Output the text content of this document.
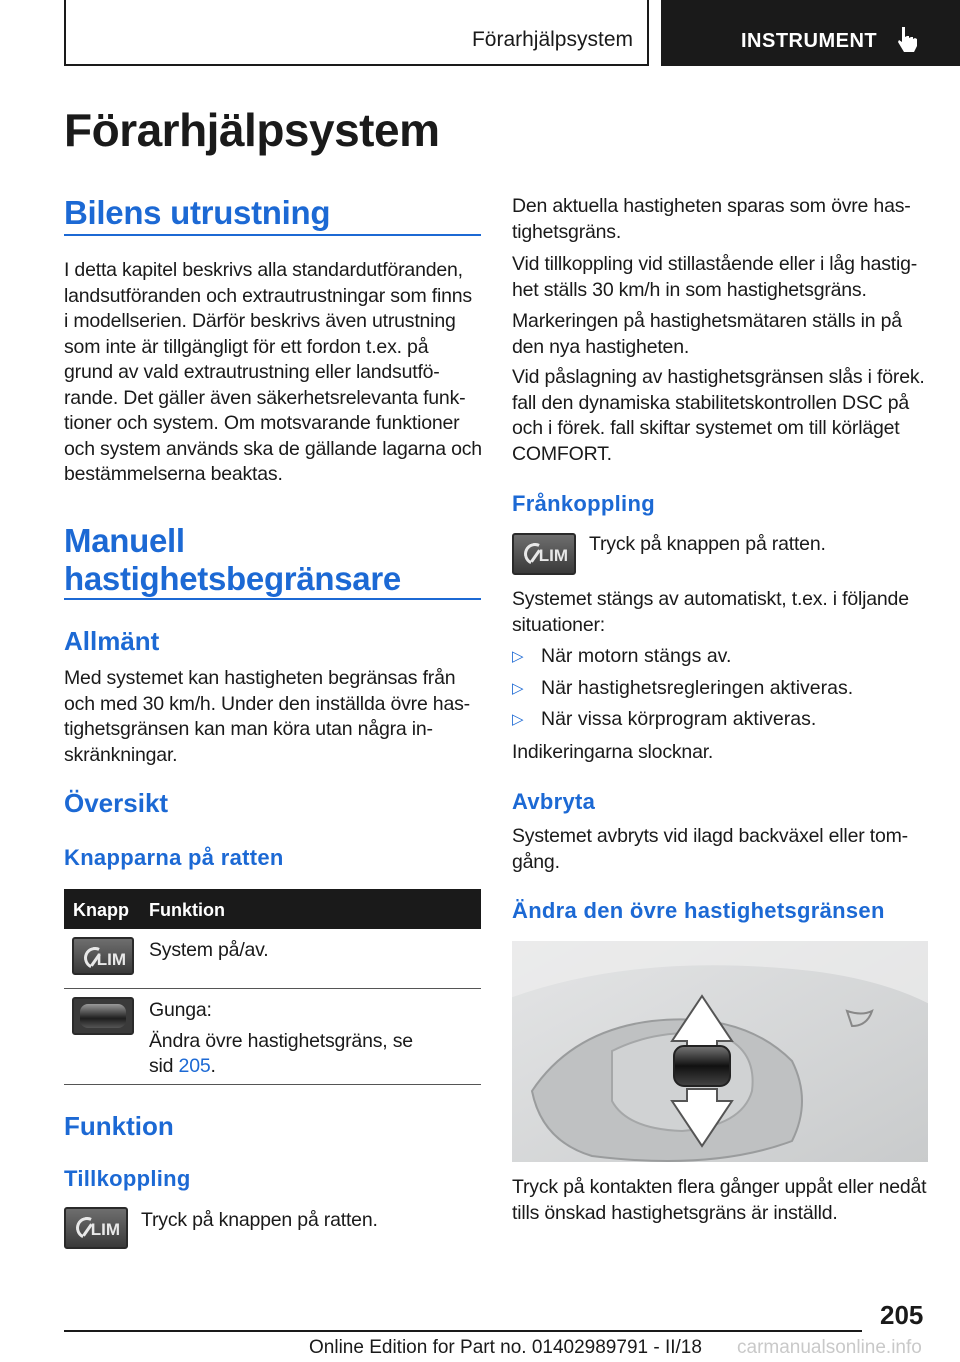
Förarhjälpsystem	INSTRUMENT
Förarhjälpsystem
Bilens utrustning
I detta kapitel beskrivs alla standardutföranden,
landsutföranden och extrautrustningar som finns
i modellserien. Därför beskrivs även utrustning
som inte är tillgängligt för ett fordon t.ex. på
grund av vald extrautrustning eller landsutfö-
rande. Det gäller även säkerhetsrelevanta funk-
tioner och system. Om motsvarande funktioner
och system används ska de gällande lagarna och
bestämmelserna beaktas.
Manuell
hastighetsbegränsare
Allmänt
Med systemet kan hastigheten begränsas från
och med 30 km/h. Under den inställda övre has-
tighetsgränsen kan man köra utan några in-
skränkningar.
Översikt
Knapparna på ratten
Knapp Funktion
LIM System på/av.
Gunga:
Ändra övre hastighetsgräns, se
sid 205.
Funktion
Tillkoppling
LIM Tryck på knappen på ratten.
Den aktuella hastigheten sparas som övre has-
tighetsgräns.
Vid tillkoppling vid stillastående eller i låg hastig-
het ställs 30 km/h in som hastighetsgräns.
Markeringen på hastighetsmätaren ställs in på
den nya hastigheten.
Vid påslagning av hastighetsgränsen slås i förek.
fall den dynamiska stabilitetskontrollen DSC på
och i förek. fall skiftar systemet om till körläget
COMFORT.
Frånkoppling
LIM
Tryck på knappen på ratten.
Systemet stängs av automatiskt, t.ex. i följande
situationer:
▷ När motorn stängs av.
▷ När hastighetsregleringen aktiveras.
▷ När vissa körprogram aktiveras.
Indikeringarna slocknar.
Avbryta
Systemet avbryts vid ilagd backväxel eller tom-
gång.
Ändra den övre hastighetsgränsen
Tryck på kontakten flera gånger uppåt eller nedåt
tills önskad hastighetsgräns är inställd.
205
Online Edition for Part no. 01402989791 - II/18 carmanualsonline.info
